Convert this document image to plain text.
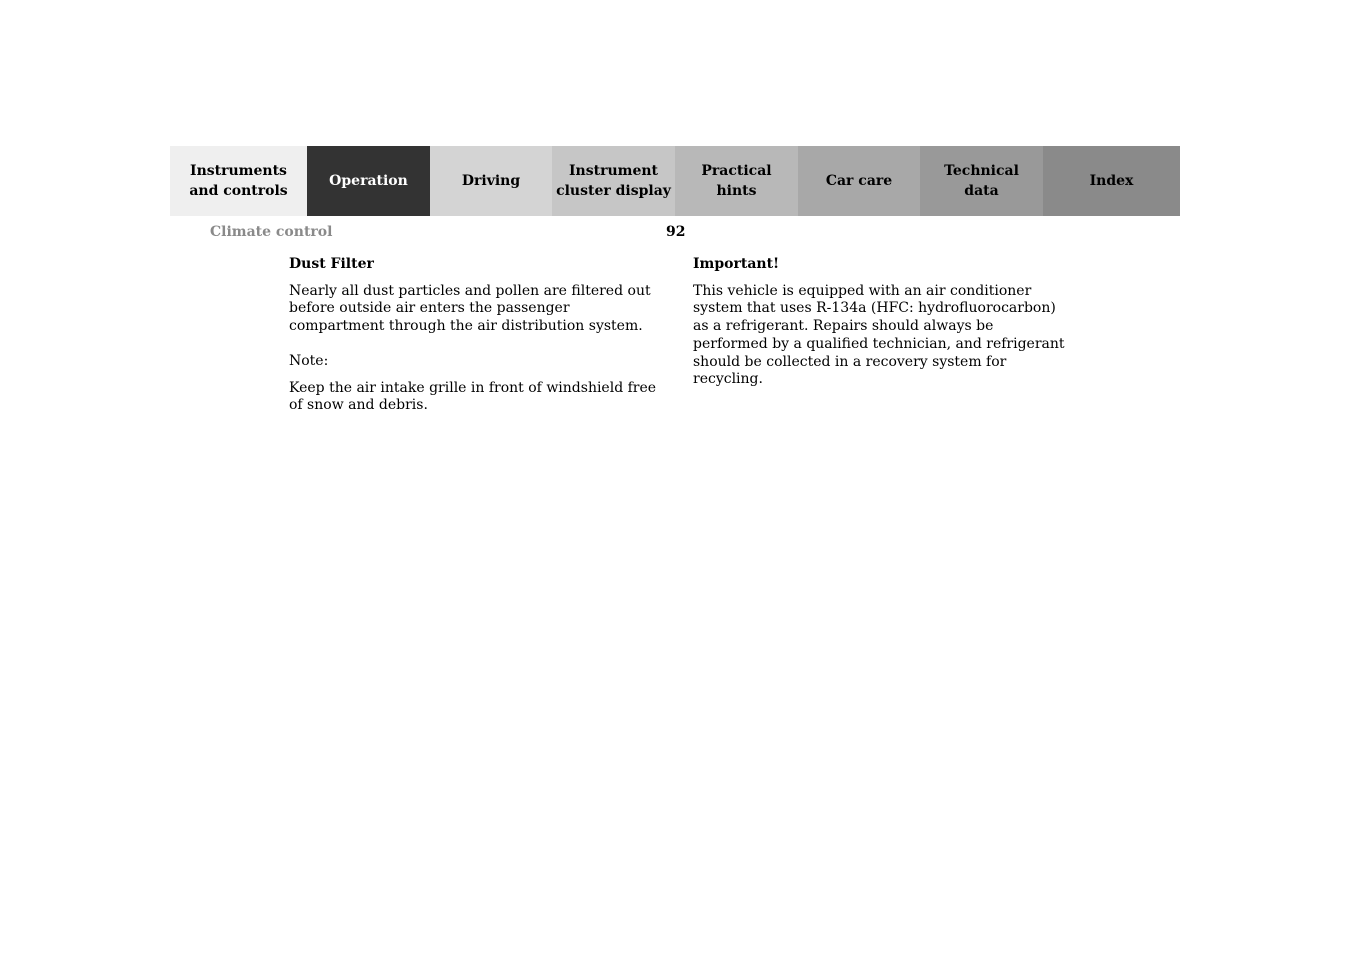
Instruments
and controls
Operation	Driving
Instrument
cluster display
Practical hints
Car care
Technical
data
Index
Climate control	92
Dust Filter
Nearly all dust particles and pollen are filtered out before outside air enters the passenger compartment through the air distribution system.
Note:
Keep the air intake grille in front of windshield free of snow and debris.
Important!
This vehicle is equipped with an air conditioner system that uses R-134a (HFC: hydrofluorocarbon) as a refrigerant. Repairs should always be performed by a qualified technician, and refrigerant should be collected in a recovery system for recycling.
